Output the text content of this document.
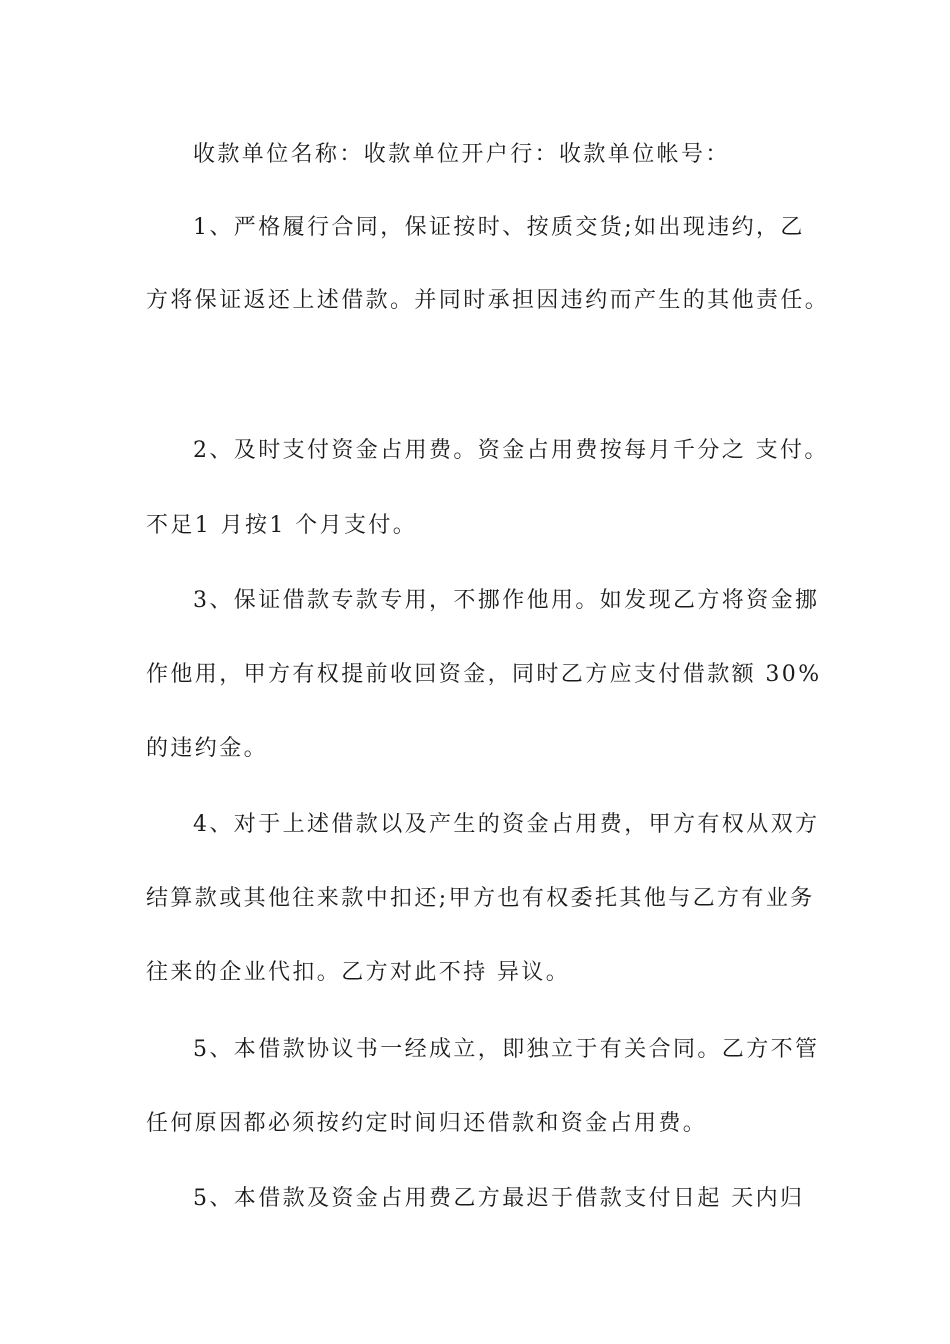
收款单位名称：收款单位开户行：收款单位帐号：
1、严格履行合同，保证按时、按质交货;如出现违约，乙
方将保证返还上述借款。并同时承担因违约而产生的其他责任。
2、及时支付资金占用费。资金占用费按每月千分之 支付。
不足1 月按1 个月支付。
3、保证借款专款专用，不挪作他用。如发现乙方将资金挪
作他用，甲方有权提前收回资金，同时乙方应支付借款额 30%
的违约金。
4、对于上述借款以及产生的资金占用费，甲方有权从双方
结算款或其他往来款中扣还;甲方也有权委托其他与乙方有业务
往来的企业代扣。乙方对此不持 异议。
5、本借款协议书一经成立，即独立于有关合同。乙方不管
任何原因都必须按约定时间归还借款和资金占用费。
5、本借款及资金占用费乙方最迟于借款支付日起 天内归
